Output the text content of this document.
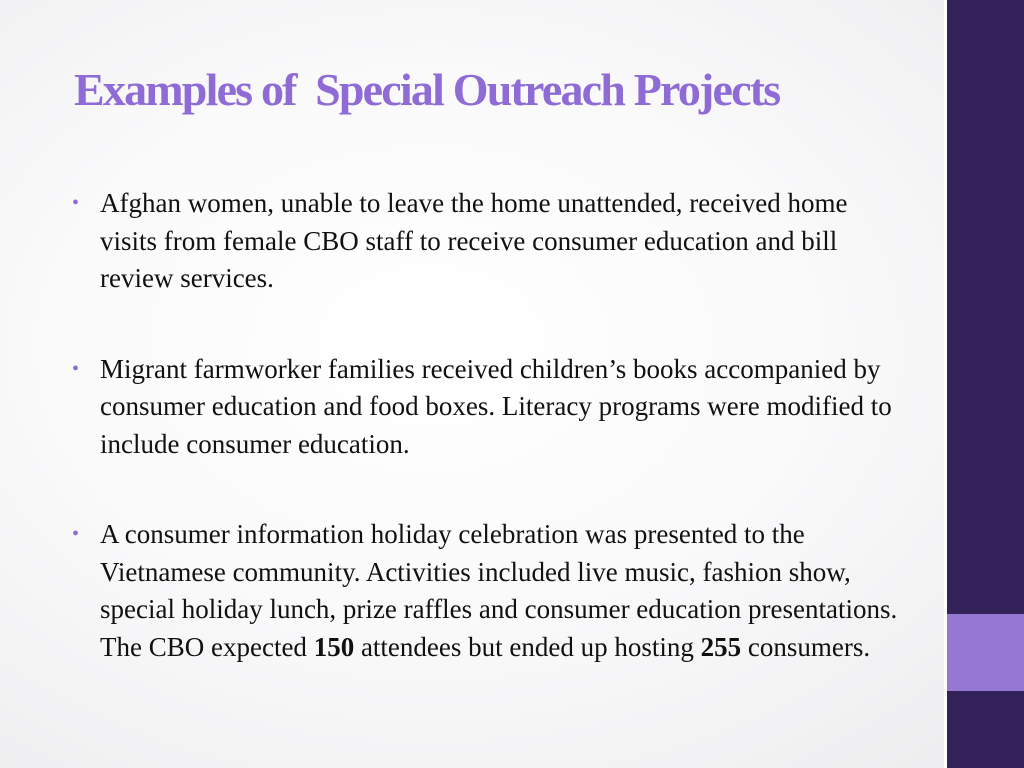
Examples of  Special Outreach Projects
• Afghan women, unable to leave the home unattended, received home visits from female CBO staff to receive consumer education and bill review services.
• Migrant farmworker families received children’s books accompanied by consumer education and food boxes. Literacy programs were modified to include consumer education.
• A consumer information holiday celebration was presented to the Vietnamese community. Activities included live music, fashion show, special holiday lunch, prize raffles and consumer education presentations. The CBO expected 150 attendees but ended up hosting 255 consumers.
